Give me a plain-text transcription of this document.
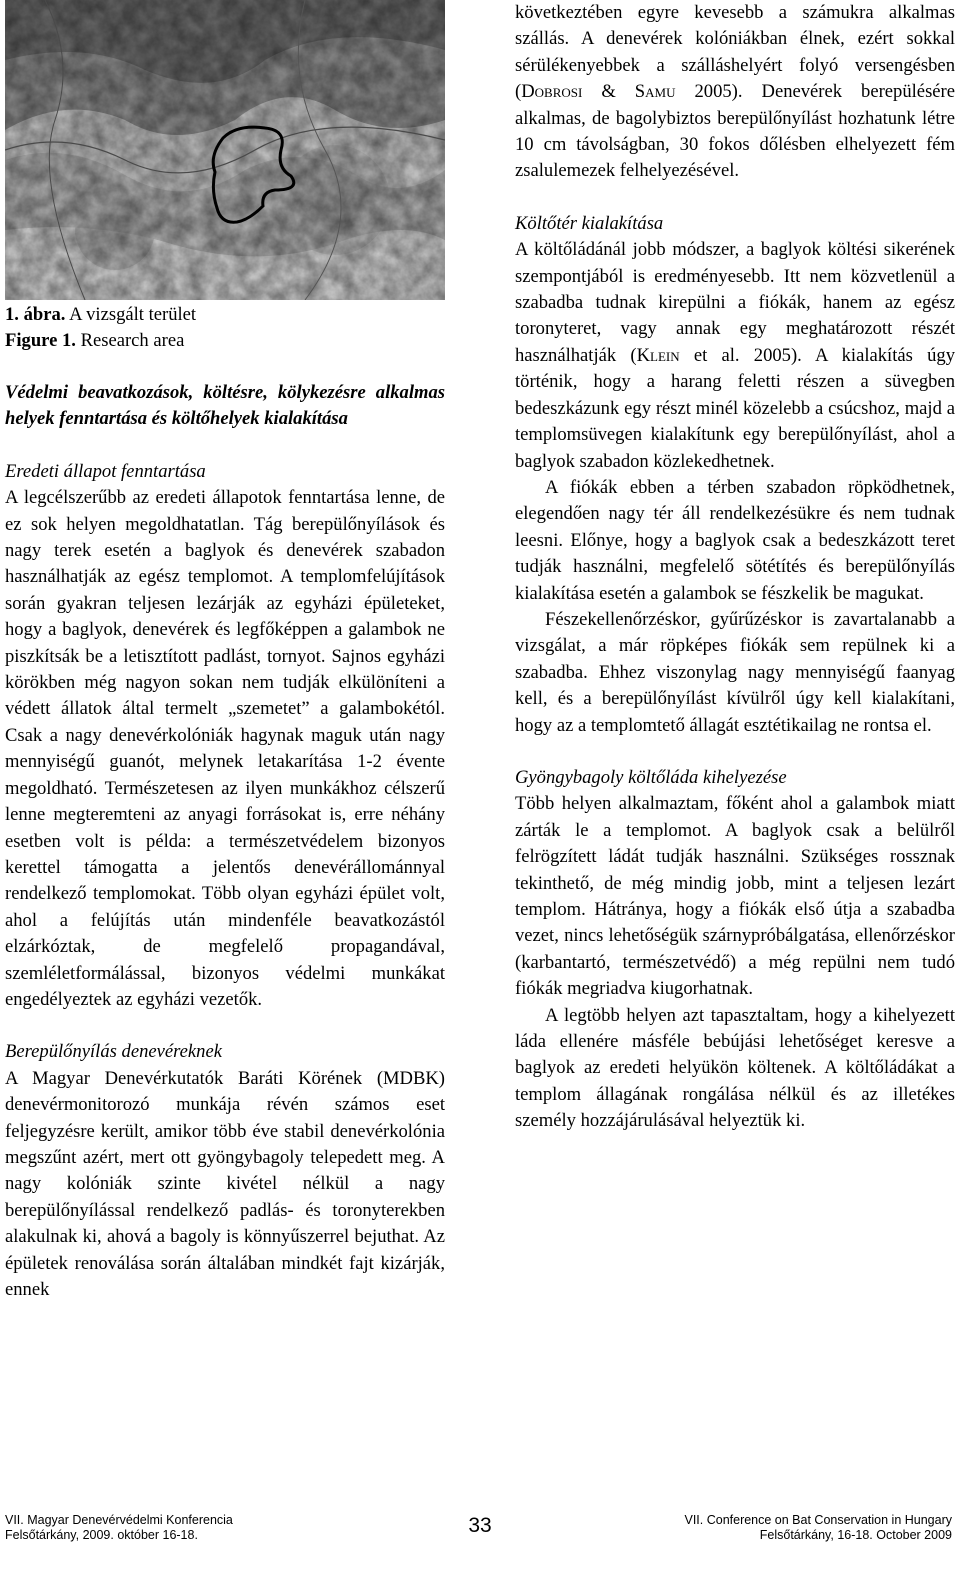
1. ábra. A vizsgált terület

Figure 1. Research area

Védelmi beavatkozások, költésre, kölykezésre alkalmas helyek fenntartása és költőhelyek kialakítása

Eredeti állapot fenntartása

A legcélszerűbb az eredeti állapotok fenntartása lenne, de ez sok helyen megoldhatatlan. Tág berepülőnyílások és nagy terek esetén a baglyok és denevérek szabadon használhatják az egész templomot. A templomfelújítások során gyakran teljesen lezárják az egyházi épületeket, hogy a baglyok, denevérek és legfőképpen a galambok ne piszkítsák be a letisztított padlást, tornyot. Sajnos egyházi körökben még nagyon sokan nem tudják elkülöníteni a védett állatok által termelt „szemetet” a galambokétól. Csak a nagy denevérkolóniák hagynak maguk után nagy mennyiségű guanót, melynek letakarítása 1-2 évente megoldható. Természetesen az ilyen munkákhoz célszerű lenne megteremteni az anyagi forrásokat is, erre néhány esetben volt is példa: a természetvédelem bizonyos kerettel támogatta a jelentős denevérállománnyal rendelkező templomokat. Több olyan egyházi épület volt, ahol a felújítás után mindenféle beavatkozástól elzárkóztak, de megfelelő propagandával, szemléletformálással, bizonyos védelmi munkákat engedélyeztek az egyházi vezetők.

Berepülőnyílás denevéreknek

A Magyar Denevérkutatók Baráti Körének (MDBK) denevérmonitorozó munkája révén számos eset feljegyzésre került, amikor több éve stabil denevérkolónia megszűnt azért, mert ott gyöngybagoly telepedett meg. A nagy kolóniák szinte kivétel nélkül a nagy berepülőnyílással rendelkező padlás- és toronyterekben alakulnak ki, ahová a bagoly is könnyűszerrel bejuthat. Az épületek renoválása során általában mindkét fajt kizárják, ennek

következtében egyre kevesebb a számukra alkalmas szállás. A denevérek kolóniákban élnek, ezért sokkal sérülékenyebbek a szálláshelyért folyó versengésben (Dobrosi & Samu 2005). Denevérek berepülésére alkalmas, de bagolybiztos berepülőnyílást hozhatunk létre 10 cm távolságban, 30 fokos dőlésben elhelyezett fém zsalulemezek felhelyezésével.

Költőtér kialakítása

A költőládánál jobb módszer, a baglyok költési sikerének szempontjából is eredményesebb. Itt nem közvetlenül a szabadba tudnak kirepülni a fiókák, hanem az egész toronyteret, vagy annak egy meghatározott részét használhatják (Klein et al. 2005). A kialakítás úgy történik, hogy a harang feletti részen a süvegben bedeszkázunk egy részt minél közelebb a csúcshoz, majd a templomsüvegen kialakítunk egy berepülőnyílást, ahol a baglyok szabadon közlekedhetnek.

A fiókák ebben a térben szabadon röpködhetnek, elegendően nagy tér áll rendelkezésükre és nem tudnak leesni. Előnye, hogy a baglyok csak a bedeszkázott teret tudják használni, megfelelő sötétítés és berepülőnyílás kialakítása esetén a galambok se fészkelik be magukat.

Fészekellenőrzéskor, gyűrűzéskor is zavartalanabb a vizsgálat, a már röpképes fiókák sem repülnek ki a szabadba. Ehhez viszonylag nagy mennyiségű faanyag kell, és a berepülőnyílást kívülről úgy kell kialakítani, hogy az a templomtető állagát esztétikailag ne rontsa el.

Gyöngybagoly költőláda kihelyezése

Több helyen alkalmaztam, főként ahol a galambok miatt zárták le a templomot. A baglyok csak a belülről felrögzített ládát tudják használni. Szükséges rossznak tekinthető, de még mindig jobb, mint a teljesen lezárt templom. Hátránya, hogy a fiókák első útja a szabadba vezet, nincs lehetőségük szárnypróbálgatása, ellenőrzéskor (karbantartó, természetvédő) a még repülni nem tudó fiókák megriadva kiugorhatnak.

A legtöbb helyen azt tapasztaltam, hogy a kihelyezett láda ellenére másféle bebújási lehetőséget keresve a baglyok az eredeti helyükön költenek. A költőládákat a templom állagának rongálása nélkül és az illetékes személy hozzájárulásával helyeztük ki.

VII. Magyar Denevérvédelmi Konferencia
Felsőtárkány, 2009. október 16-18.	33	VII. Conference on Bat Conservation in Hungary
Felsőtárkány, 16-18. October 2009
